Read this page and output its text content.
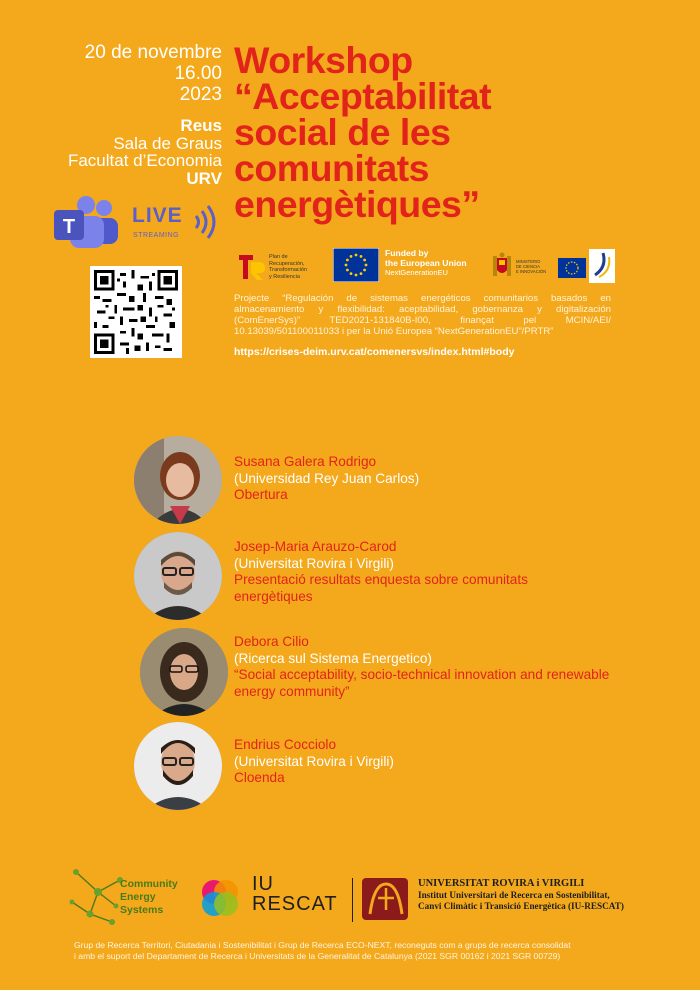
20 de novembre
16.00
2023
Reus
Sala de Graus
Facultat d’Economia
URV
Workshop
“Acceptabilitat
social de les
comunitats
energètiques”
T	LIVE
STREAMING
Plan de
Recuperación,
Transformación
y Resiliencia
Funded by
the European Union
NextGenerationEU
MINISTERIO
DE CIENCIA
E INNOVACIÓN
Projecte “Regulación de sistemas energéticos comunitarios basados en almacenamiento y flexibilidad: aceptabilidad, gobernanza y digitalización (ComEnerSys)” TED2021-131840B-I00, finançat pel MCIN/AEI/ 10.13039/501100011033 i per la Unió Europea “NextGenerationEU”/PRTR”
https://crises-deim.urv.cat/comenersvs/index.html#body
Susana Galera Rodrigo
(Universidad Rey Juan Carlos)
Obertura
Josep-Maria Arauzo-Carod
(Universitat Rovira i Virgili)
Presentació resultats enquesta sobre comunitats energètiques
Debora Cilio
(Ricerca sul Sistema Energetico)
“Social acceptability, socio-technical innovation and renewable energy community”
Endrius Cocciolo
(Universitat Rovira i Virgili)
Cloenda
Community
Energy
Systems
IU
RESCAT
UNIVERSITAT ROVIRA i VIRGILI
Institut Universitari de Recerca en Sostenibilitat,
Canvi Climàtic i Transició Energètica (IU-RESCAT)
Grup de Recerca Territori, Ciutadania i Sostenibilitat i Grup de Recerca ECO-NEXT, reconeguts com a grups de recerca consolidat
i amb el suport del Departament de Recerca i Universitats de la Generalitat de Catalunya (2021 SGR 00162 i 2021 SGR 00729)
